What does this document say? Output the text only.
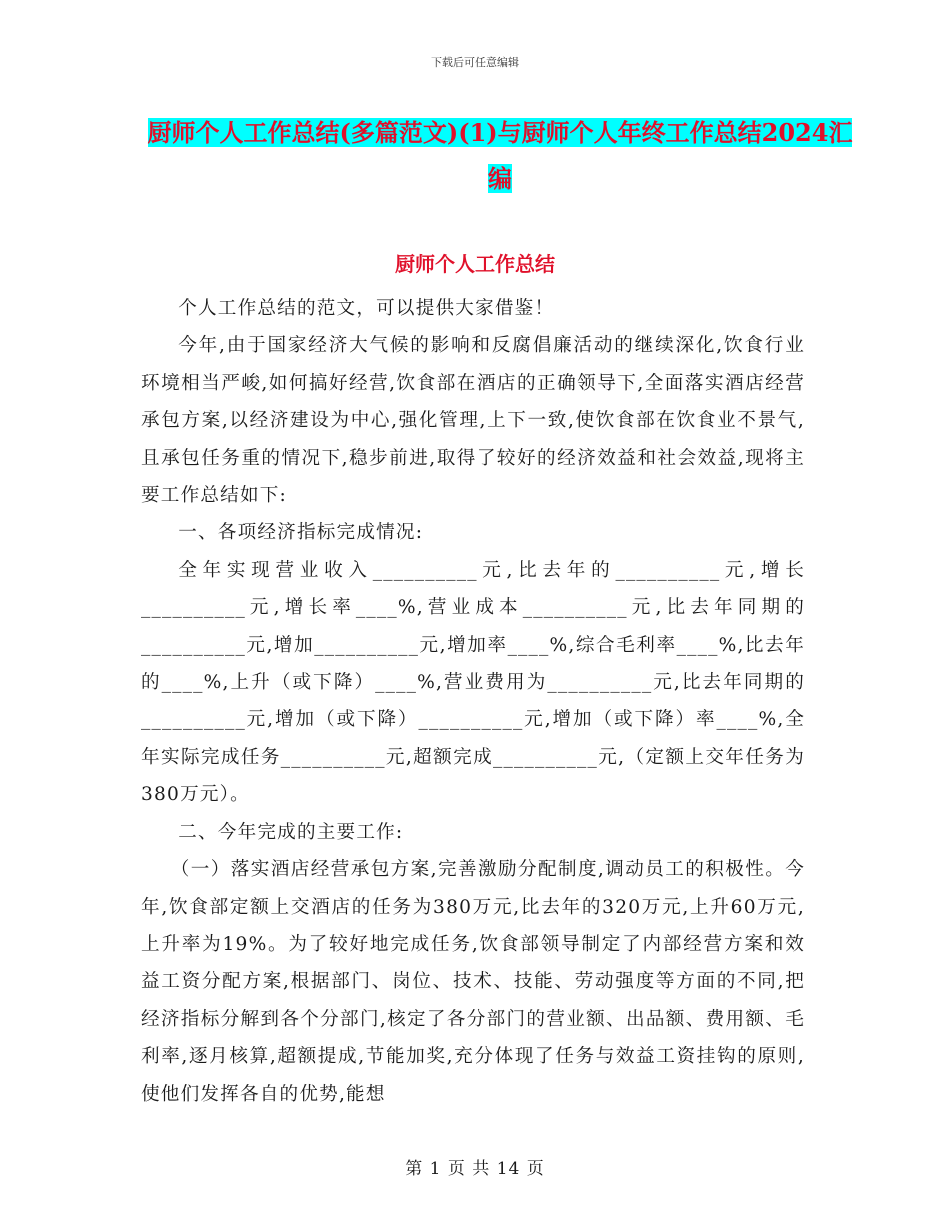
下载后可任意编辑
厨师个人工作总结(多篇范文)(1)与厨师个人年终工作总结2024汇编
厨师个人工作总结

个人工作总结的范文，可以提供大家借鉴！

今年,由于国家经济大气候的影响和反腐倡廉活动的继续深化,饮食行业环境相当严峻,如何搞好经营,饮食部在酒店的正确领导下,全面落实酒店经营承包方案,以经济建设为中心,强化管理,上下一致,使饮食部在饮食业不景气,且承包任务重的情况下,稳步前进,取得了较好的经济效益和社会效益,现将主要工作总结如下:

一、各项经济指标完成情况:

全年实现营业收入__________元,比去年的__________元,增长__________元,增长率____%,营业成本__________元,比去年同期的__________元,增加__________元,增加率____%,综合毛利率____%,比去年的____%,上升（或下降）____%,营业费用为__________元,比去年同期的__________元,增加（或下降）__________元,增加（或下降）率____%,全年实际完成任务__________元,超额完成__________元,（定额上交年任务为380万元）。

二、今年完成的主要工作:

（一）落实酒店经营承包方案,完善激励分配制度,调动员工的积极性。今年,饮食部定额上交酒店的任务为380万元,比去年的320万元,上升60万元,上升率为19%。为了较好地完成任务,饮食部领导制定了内部经营方案和效益工资分配方案,根据部门、岗位、技术、技能、劳动强度等方面的不同,把经济指标分解到各个分部门,核定了各分部门的营业额、出品额、费用额、毛利率,逐月核算,超额提成,节能加奖,充分体现了任务与效益工资挂钩的原则,使他们发挥各自的优势,能想

第 1 页 共 14 页
